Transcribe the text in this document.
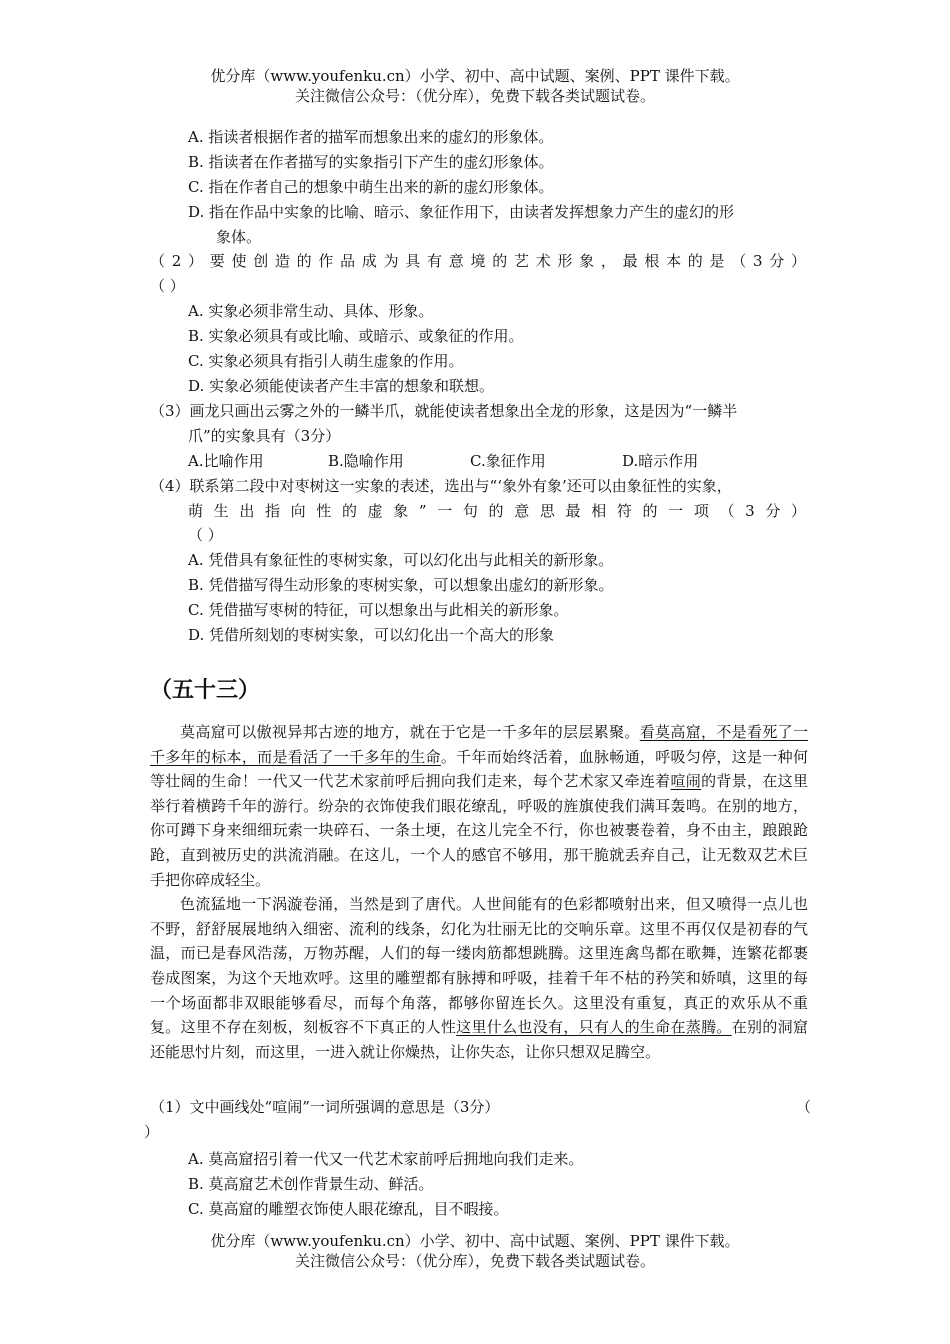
优分库（www.youfenku.cn）小学、初中、高中试题、案例、PPT 课件下载。
关注微信公众号：（优分库），免费下载各类试题试卷。
A. 指读者根据作者的描军而想象出来的虚幻的形象体。
B. 指读者在作者描写的实象指引下产生的虚幻形象体。
C. 指在作者自己的想象中萌生出来的新的虚幻形象体。
D. 指在作品中实象的比喻、暗示、象征作用下，由读者发挥想象力产生的虚幻的形
象体。
（2）要使创造的作品成为具有意境的艺术形象，最根本的是（3分）
（ ）
A. 实象必须非常生动、具体、形象。
B. 实象必须具有或比喻、或暗示、或象征的作用。
C. 实象必须具有指引人萌生虚象的作用。
D. 实象必须能使读者产生丰富的想象和联想。
（3）画龙只画出云雾之外的一鳞半爪，就能使读者想象出全龙的形象，这是因为“一鳞半
爪”的实象具有（3分）
A.比喻作用	B.隐喻作用	C.象征作用	D.暗示作用
（4）联系第二段中对枣树这一实象的表述，选出与“‘象外有象’还可以由象征性的实象，
萌生出指向性的虚象”一句的意思最相符的一项（3分）
（ ）
A. 凭借具有象征性的枣树实象，可以幻化出与此相关的新形象。
B. 凭借描写得生动形象的枣树实象，可以想象出虚幻的新形象。
C. 凭借描写枣树的特征，可以想象出与此相关的新形象。
D. 凭借所刻划的枣树实象，可以幻化出一个高大的形象
（五十三）

莫高窟可以傲视异邦古迹的地方，就在于它是一千多年的层层累聚。看莫高窟，不是看死了一千多年的标本，而是看活了一千多年的生命。千年而始终活着，血脉畅通，呼吸匀停，这是一种何等壮阔的生命！一代又一代艺术家前呼后拥向我们走来，每个艺术家又牵连着喧闹的背景，在这里举行着横跨千年的游行。纷杂的衣饰使我们眼花缭乱，呼吸的旌旗使我们满耳轰鸣。在别的地方，你可蹲下身来细细玩索一块碎石、一条土埂，在这儿完全不行，你也被裹卷着，身不由主，踉踉跄跄，直到被历史的洪流消融。在这儿，一个人的感官不够用，那干脆就丢弃自己，让无数双艺术巨手把你碎成轻尘。

色流猛地一下涡漩卷涌，当然是到了唐代。人世间能有的色彩都喷射出来，但又喷得一点儿也不野，舒舒展展地纳入细密、流利的线条，幻化为壮丽无比的交响乐章。这里不再仅仅是初春的气温，而已是春风浩荡，万物苏醒，人们的每一缕肉筋都想跳腾。这里连禽鸟都在歌舞，连繁花都裹卷成图案，为这个天地欢呼。这里的雕塑都有脉搏和呼吸，挂着千年不枯的矜笑和娇嗔，这里的每一个场面都非双眼能够看尽，而每个角落，都够你留连长久。这里没有重复，真正的欢乐从不重复。这里不存在刻板，刻板容不下真正的人性这里什么也没有，只有人的生命在蒸腾。在别的洞窟还能思忖片刻，而这里，一进入就让你燥热，让你失态，让你只想双足腾空。

（1）文中画线处“喧闹”一词所强调的意思是（3分）	（
）
A. 莫高窟招引着一代又一代艺术家前呼后拥地向我们走来。
B. 莫高窟艺术创作背景生动、鲜活。
C. 莫高窟的雕塑衣饰使人眼花缭乱，目不暇接。
优分库（www.youfenku.cn）小学、初中、高中试题、案例、PPT 课件下载。
关注微信公众号：（优分库），免费下载各类试题试卷。
